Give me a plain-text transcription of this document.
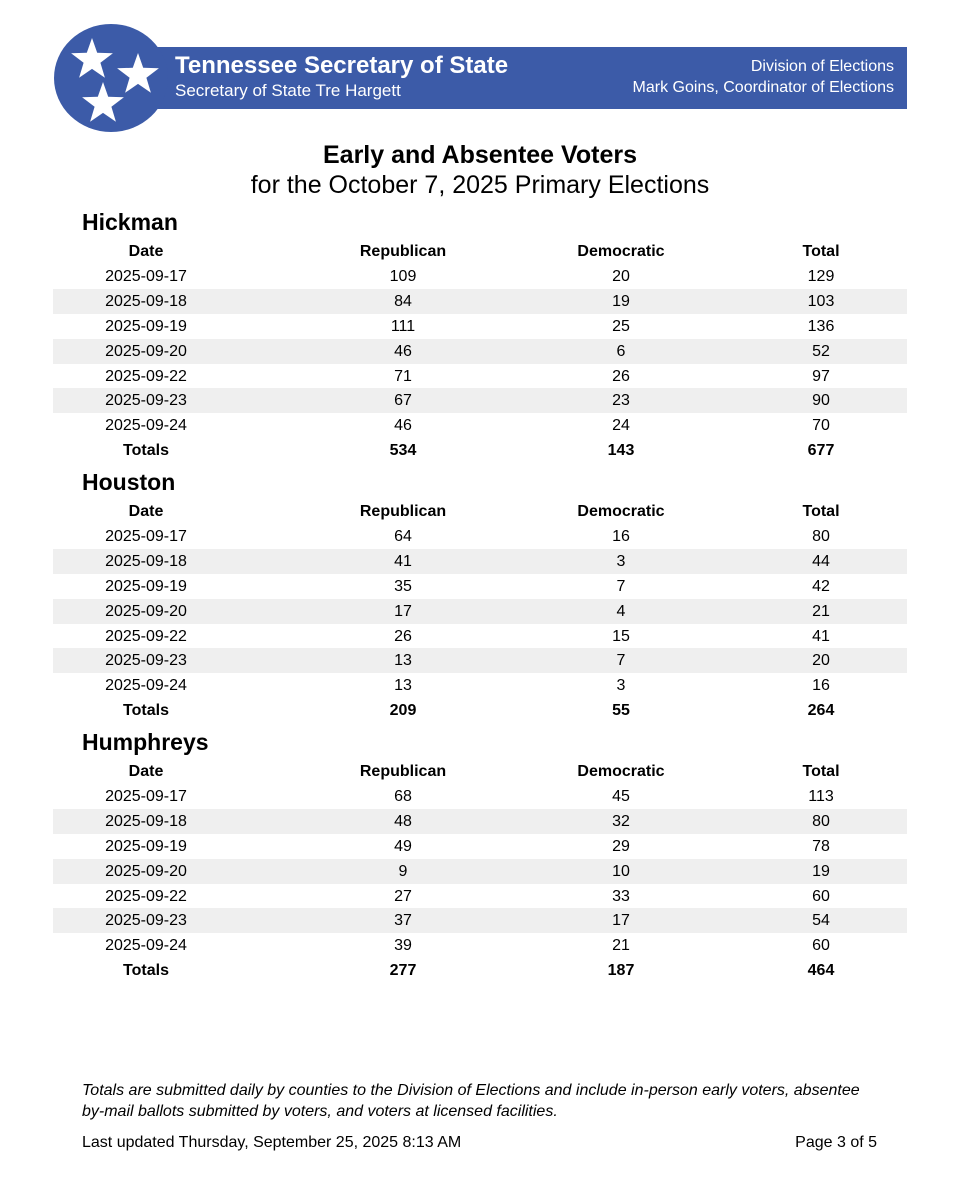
Tennessee Secretary of State
Secretary of State Tre Hargett
Division of Elections
Mark Goins, Coordinator of Elections
Early and Absentee Voters
for the October 7, 2025 Primary Elections
Hickman
Date	Republican	Democratic	Total
2025-09-17	109	20	129
2025-09-18	84	19	103
2025-09-19	111	25	136
2025-09-20	46	6	52
2025-09-22	71	26	97
2025-09-23	67	23	90
2025-09-24	46	24	70
Totals	534	143	677
Houston
Date	Republican	Democratic	Total
2025-09-17	64	16	80
2025-09-18	41	3	44
2025-09-19	35	7	42
2025-09-20	17	4	21
2025-09-22	26	15	41
2025-09-23	13	7	20
2025-09-24	13	3	16
Totals	209	55	264
Humphreys
Date	Republican	Democratic	Total
2025-09-17	68	45	113
2025-09-18	48	32	80
2025-09-19	49	29	78
2025-09-20	9	10	19
2025-09-22	27	33	60
2025-09-23	37	17	54
2025-09-24	39	21	60
Totals	277	187	464
Totals are submitted daily by counties to the Division of Elections and include in-person early voters, absentee by-mail ballots submitted by voters, and voters at licensed facilities.
Last updated Thursday, September 25, 2025 8:13 AM	Page 3 of 5
